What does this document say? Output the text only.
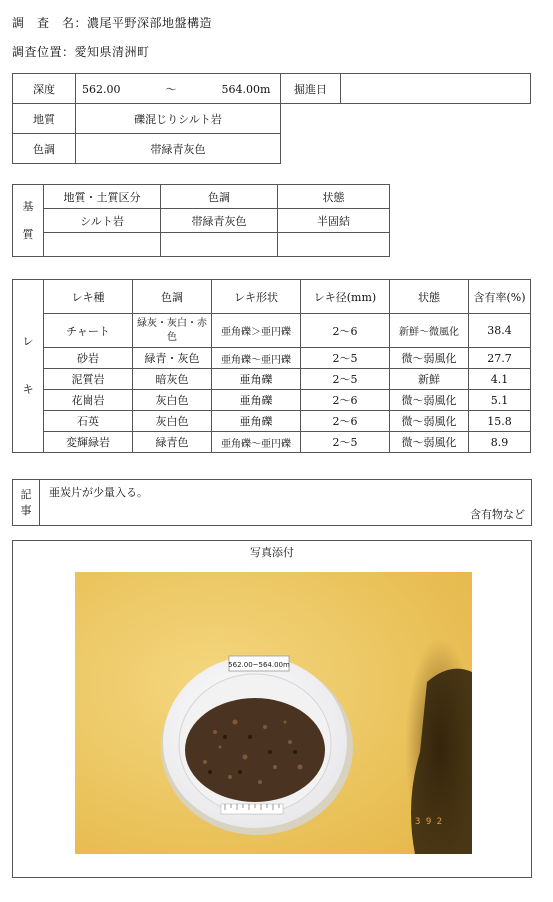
調　査　名：濃尾平野深部地盤構造
調査位置：愛知県清洲町
深度	562.00 〜 564.00m	掘進日	
地質	礫混じりシルト岩		
色調	帯緑青灰色		
基
質	地質・土質区分	色調	状態
	シルト岩	帯緑青灰色	半固結

レ
キ	レキ種	色調	レキ形状	レキ径(mm)	状態	含有率(%)
	チャート	緑灰・灰白・赤色	亜角礫＞亜円礫	2〜6	新鮮〜微風化	38.4
	砂岩	緑青・灰色	亜角礫〜亜円礫	2〜5	微〜弱風化	27.7
	泥質岩	暗灰色	亜角礫	2〜5	新鮮	4.1
	花崗岩	灰白色	亜角礫	2〜6	微〜弱風化	5.1
	石英	灰白色	亜角礫	2〜6	微〜弱風化	15.8
	変輝緑岩	緑青色	亜角礫〜亜円礫	2〜5	微〜弱風化	8.9
記
事
亜炭片が少量入る。
含有物など
写真添付
562.00~564.00m
3 9 2
